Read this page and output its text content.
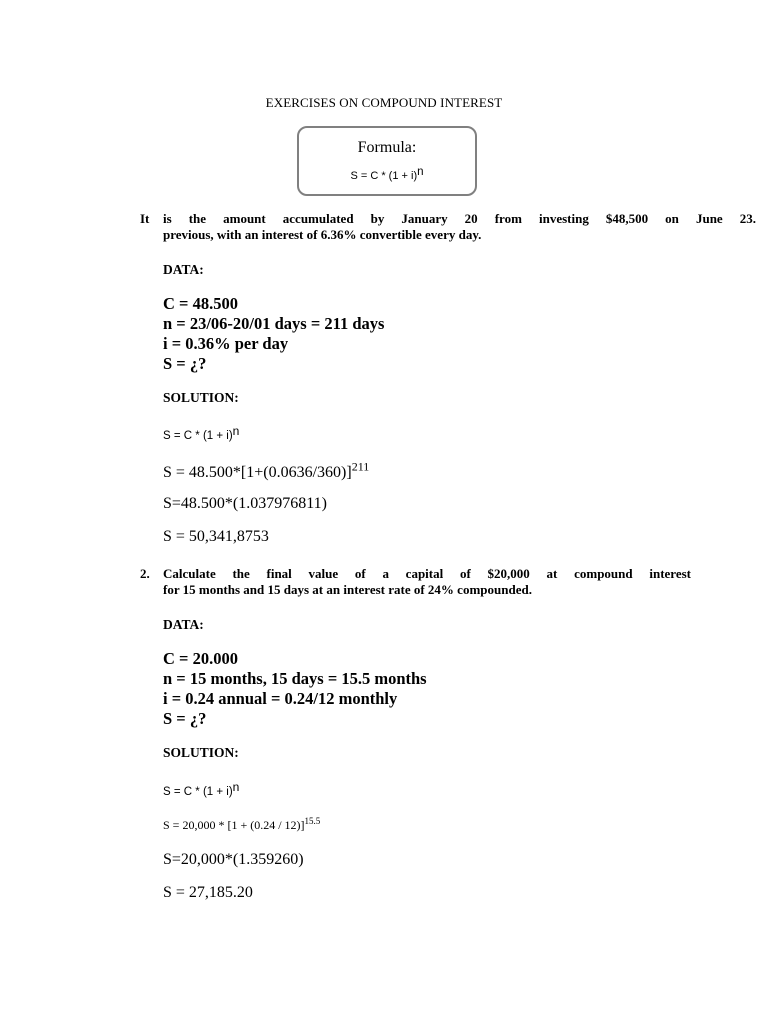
EXERCISES ON COMPOUND INTEREST
Formula:
S = C * (1 + i)n
It is the amount accumulated by January 20 from investing $48,500 on June 23.
previous, with an interest of 6.36% convertible every day.
DATA:
C = 48.500
n = 23/06-20/01 days = 211 days
i = 0.36% per day
S = ¿?
SOLUTION:
S = C * (1 + i)n
$S = 48.500*[1+(0.0636/360)]^{211}$
S=48.500*(1.037976811)
S = 50,341,8753
2. Calculate the final value of a capital of $20,000 at compound interest
for 15 months and 15 days at an interest rate of 24% compounded.
DATA:
C = 20.000
n = 15 months, 15 days = 15.5 months
i = 0.24 annual = 0.24/12 monthly
S = ¿?
SOLUTION:
S = C * (1 + i)n
$S = 20,000 * [1 + (0.24 / 12)]^{15.5}$
S=20,000*(1.359260)
S = 27,185.20
